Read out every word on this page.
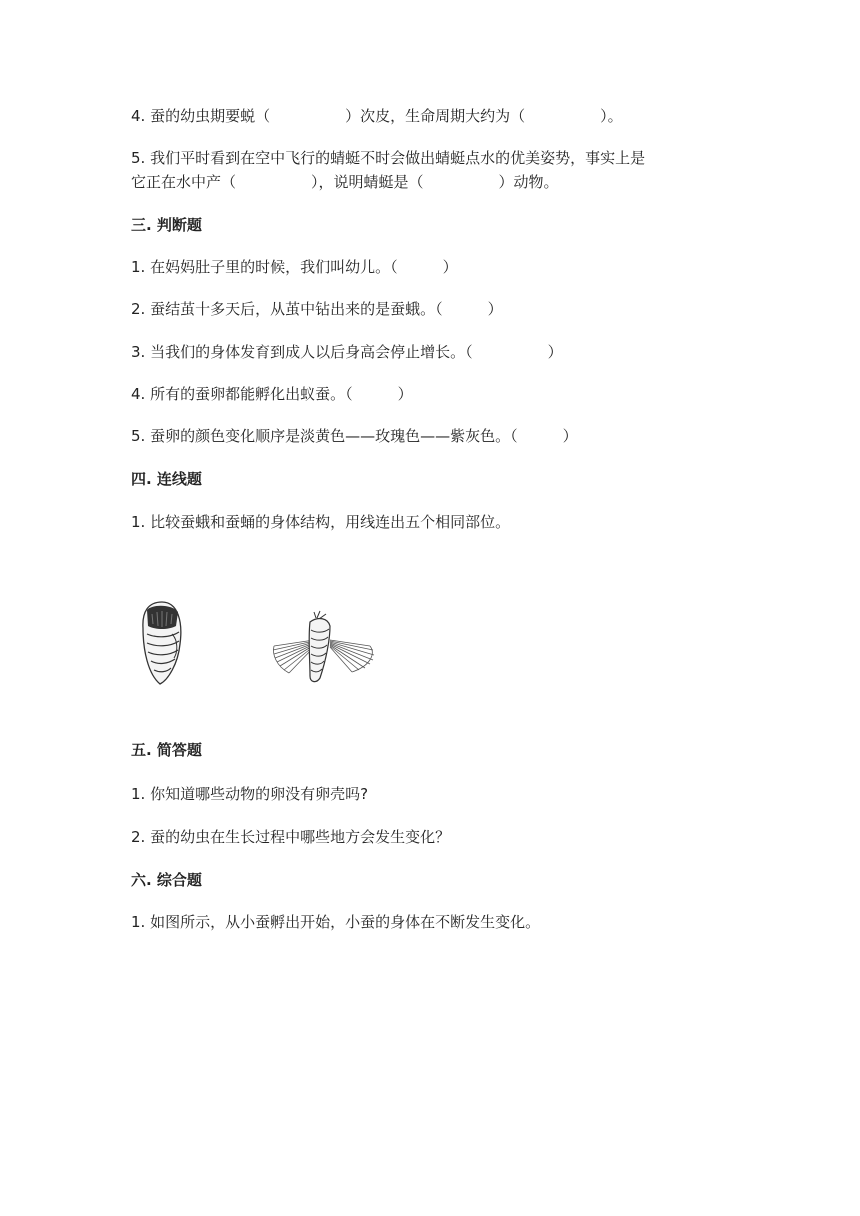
4. 蚕的幼虫期要蜕（　　　　　）次皮，生命周期大约为（　　　　　）。
5. 我们平时看到在空中飞行的蜻蜓不时会做出蜻蜓点水的优美姿势，事实上是
它正在水中产（　　　　　），说明蜻蜓是（　　　　　）动物。
三. 判断题
1. 在妈妈肚子里的时候，我们叫幼儿。（　　　）
2. 蚕结茧十多天后，从茧中钻出来的是蚕蛾。（　　　）
3. 当我们的身体发育到成人以后身高会停止增长。（　　　　　）
4. 所有的蚕卵都能孵化出蚁蚕。（　　　）
5. 蚕卵的颜色变化顺序是淡黄色——玫瑰色——紫灰色。（　　　）
四. 连线题
1. 比较蚕蛾和蚕蛹的身体结构，用线连出五个相同部位。
五. 简答题
1. 你知道哪些动物的卵没有卵壳吗?
2. 蚕的幼虫在生长过程中哪些地方会发生变化？
六. 综合题
1. 如图所示，从小蚕孵出开始，小蚕的身体在不断发生变化。
